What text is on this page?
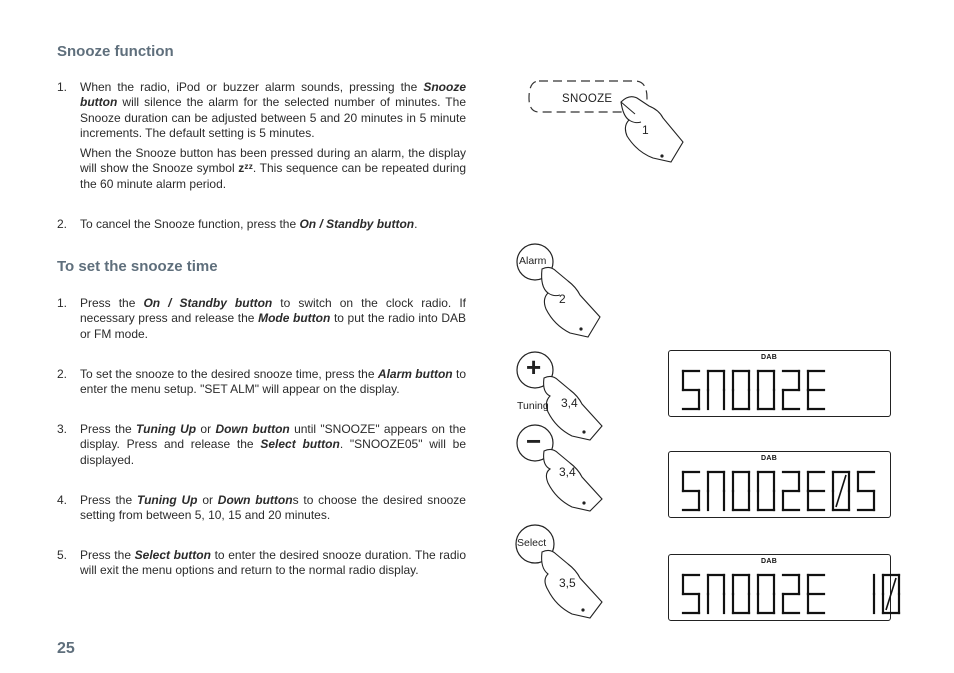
Snooze function
1. When the radio, iPod or buzzer alarm sounds, pressing the Snooze button will silence the alarm for the selected number of minutes. The Snooze duration can be adjusted between 5 and 20 minutes in 5 minute increments. The default setting is 5 minutes.
When the Snooze button has been pressed during an alarm, the display will show the Snooze symbol zᶻᶻ. This sequence can be repeated during the 60 minute alarm period.
2. To cancel the Snooze function, press the On / Standby button.
To set the snooze time
1. Press the On / Standby button to switch on the clock radio. If necessary press and release the Mode button to put the radio into DAB or FM mode.
2. To set the snooze to the desired snooze time, press the Alarm button to enter the menu setup. "SET ALM" will appear on the display.
3. Press the Tuning Up or Down button until "SNOOZE" appears on the display. Press and release the Select button. "SNOOZE05" will be displayed.
4. Press the Tuning Up or Down buttons to choose the desired snooze setting from between 5, 10, 15 and 20 minutes.
5. Press the Select button to enter the desired snooze duration. The radio will exit the menu options and return to the normal radio display.
25
SNOOZE
1
Alarm
2
+
Tuning 3,4
−
3,4
Select
3,5
DAB
DAB
DAB
